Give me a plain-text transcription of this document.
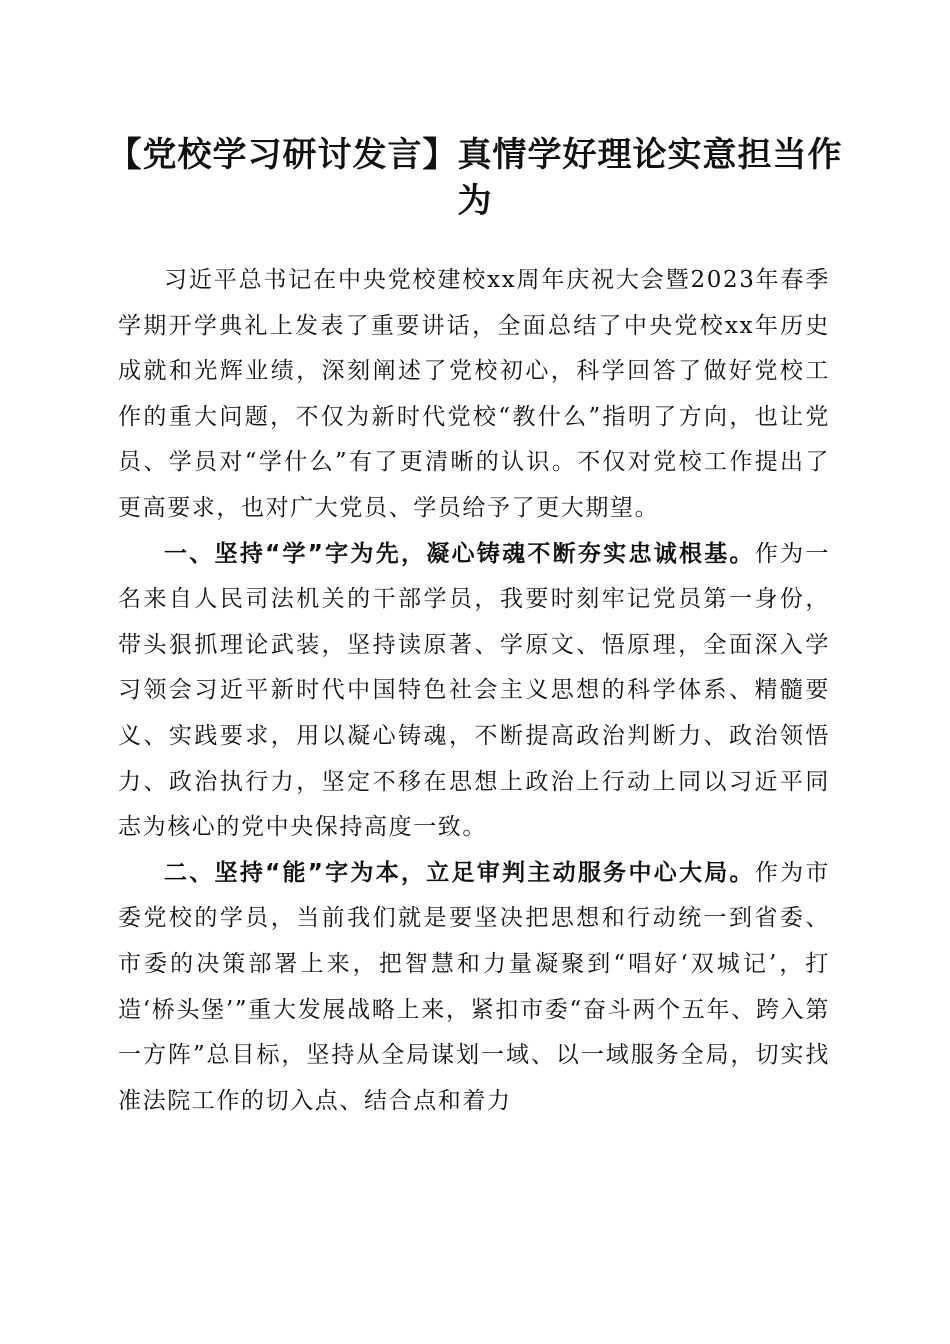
【党校学习研讨发言】真情学好理论实意担当作为

习近平总书记在中央党校建校xx周年庆祝大会暨2023年春季学期开学典礼上发表了重要讲话，全面总结了中央党校xx年历史成就和光辉业绩，深刻阐述了党校初心，科学回答了做好党校工作的重大问题，不仅为新时代党校“教什么”指明了方向，也让党员、学员对“学什么”有了更清晰的认识。不仅对党校工作提出了更高要求，也对广大党员、学员给予了更大期望。

一、坚持“学”字为先，凝心铸魂不断夯实忠诚根基。作为一名来自人民司法机关的干部学员，我要时刻牢记党员第一身份，带头狠抓理论武装，坚持读原著、学原文、悟原理，全面深入学习领会习近平新时代中国特色社会主义思想的科学体系、精髓要义、实践要求，用以凝心铸魂，不断提高政治判断力、政治领悟力、政治执行力，坚定不移在思想上政治上行动上同以习近平同志为核心的党中央保持高度一致。

二、坚持“能”字为本，立足审判主动服务中心大局。作为市委党校的学员，当前我们就是要坚决把思想和行动统一到省委、市委的决策部署上来，把智慧和力量凝聚到“唱好‘双城记’，打造‘桥头堡’”重大发展战略上来，紧扣市委“奋斗两个五年、跨入第一方阵”总目标，坚持从全局谋划一域、以一域服务全局，切实找准法院工作的切入点、结合点和着力
